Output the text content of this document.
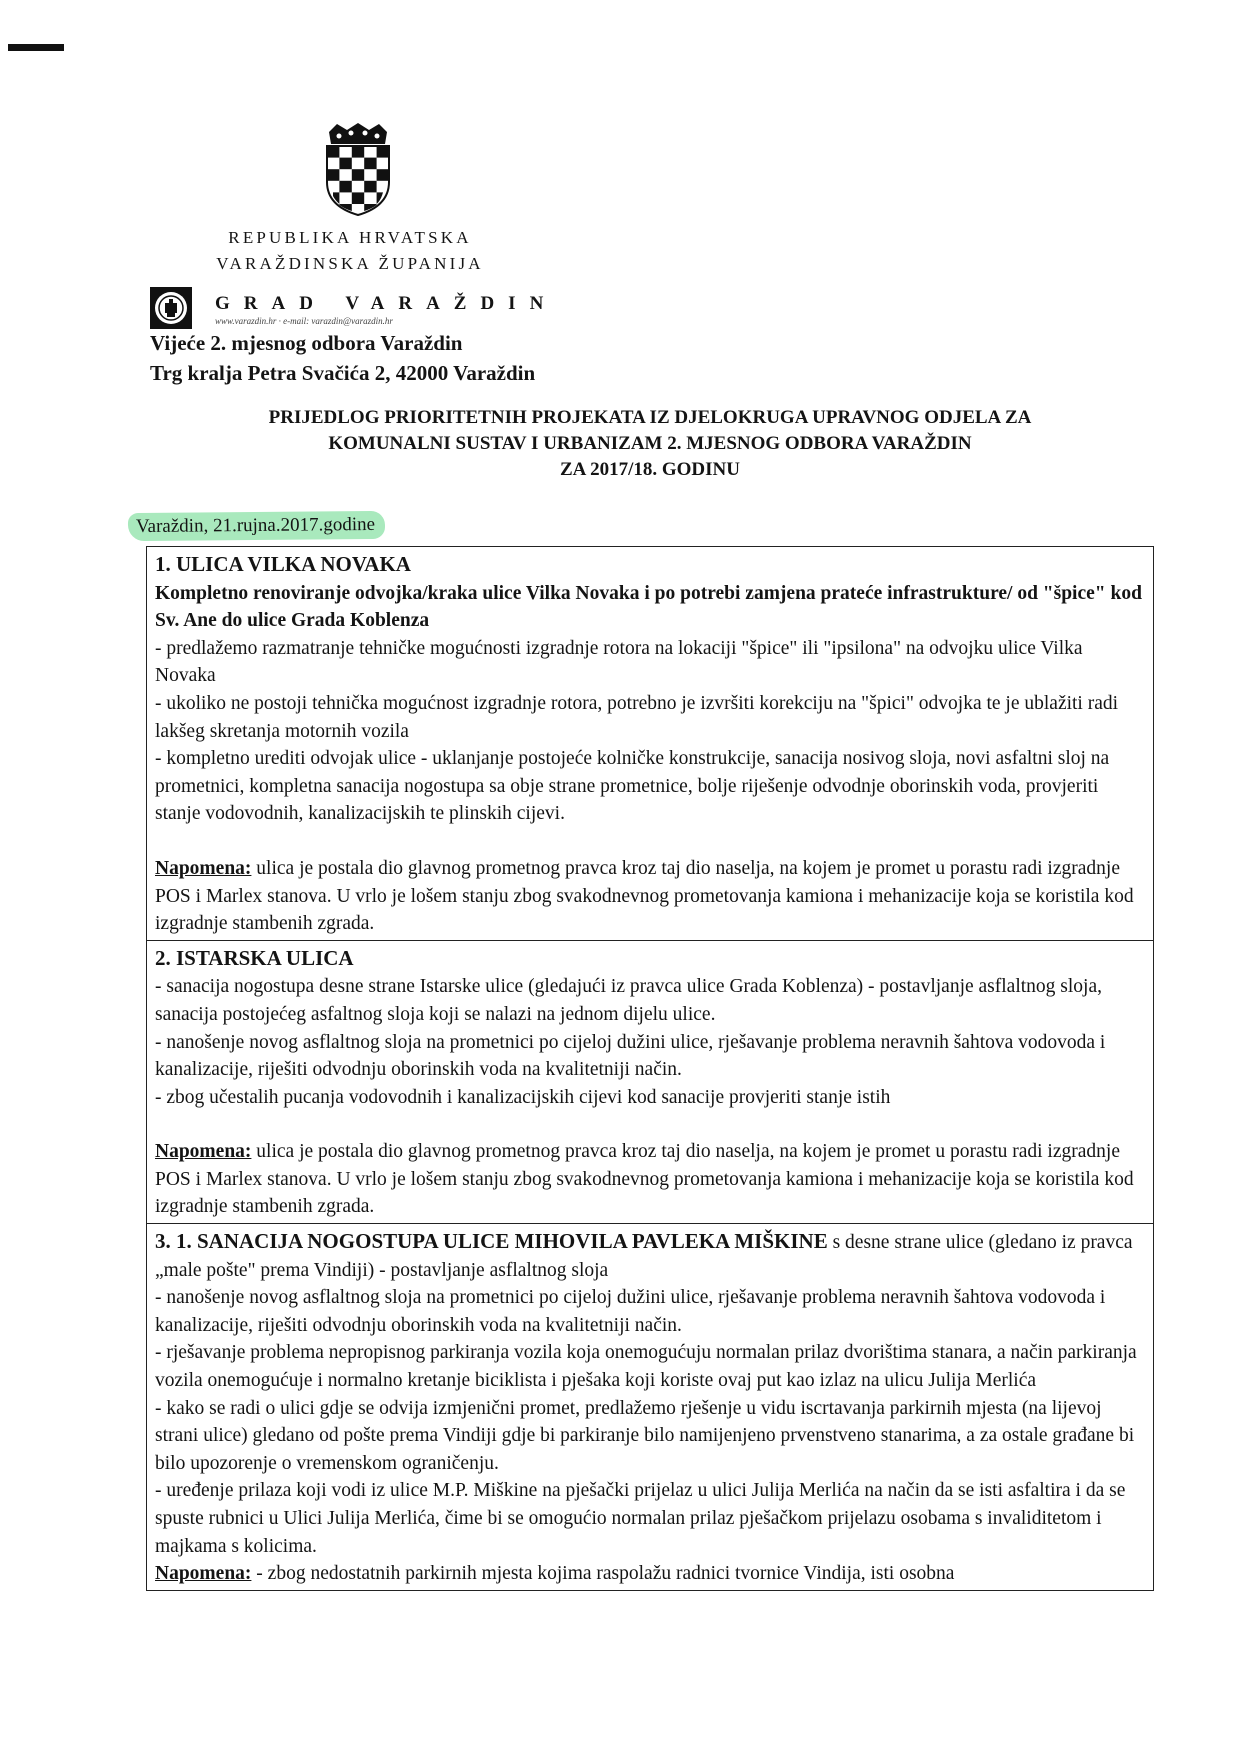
REPUBLIKA HRVATSKA
VARAŽDINSKA ŽUPANIJA
GRAD VARAŽDIN
www.varazdin.hr · e-mail: varazdin@varazdin.hr
Vijeće 2. mjesnog odbora Varaždin
Trg kralja Petra Svačića 2, 42000 Varaždin
PRIJEDLOG PRIORITETNIH PROJEKATA IZ DJELOKRUGA UPRAVNOG ODJELA ZA
KOMUNALNI SUSTAV I URBANIZAM 2. MJESNOG ODBORA VARAŽDIN
ZA 2017/18. GODINU
Varaždin, 21.rujna.2017.godine

1. ULICA VILKA NOVAKA

Kompletno renoviranje odvojka/kraka ulice Vilka Novaka i po potrebi zamjena prateće infrastrukture/ od "špice" kod Sv. Ane do ulice Grada Koblenza

- predlažemo razmatranje tehničke mogućnosti izgradnje rotora na lokaciji "špice" ili "ipsilona" na odvojku ulice Vilka Novaka

- ukoliko ne postoji tehnička mogućnost izgradnje rotora, potrebno je izvršiti korekciju na "špici" odvojka te je ublažiti radi lakšeg skretanja motornih vozila

- kompletno urediti odvojak ulice - uklanjanje postojeće kolničke konstrukcije, sanacija nosivog sloja, novi asfaltni sloj na prometnici, kompletna sanacija nogostupa sa obje strane prometnice, bolje riješenje odvodnje oborinskih voda, provjeriti stanje vodovodnih, kanalizacijskih te plinskih cijevi.

Napomena: ulica je postala dio glavnog prometnog pravca kroz taj dio naselja, na kojem je promet u porastu radi izgradnje POS i Marlex stanova. U vrlo je lošem stanju zbog svakodnevnog prometovanja kamiona i mehanizacije koja se koristila kod izgradnje stambenih zgrada.

2. ISTARSKA ULICA

- sanacija nogostupa desne strane Istarske ulice (gledajući iz pravca ulice Grada Koblenza) - postavljanje asflaltnog sloja, sanacija postojećeg asfaltnog sloja koji se nalazi na jednom dijelu ulice.

- nanošenje novog asflaltnog sloja na prometnici po cijeloj dužini ulice, rješavanje problema neravnih šahtova vodovoda i kanalizacije, riješiti odvodnju oborinskih voda na kvalitetniji način.

- zbog učestalih pucanja vodovodnih i kanalizacijskih cijevi kod sanacije provjeriti stanje istih

Napomena: ulica je postala dio glavnog prometnog pravca kroz taj dio naselja, na kojem je promet u porastu radi izgradnje POS i Marlex stanova. U vrlo je lošem stanju zbog svakodnevnog prometovanja kamiona i mehanizacije koja se koristila kod izgradnje stambenih zgrada.

3. 1. SANACIJA NOGOSTUPA ULICE MIHOVILA PAVLEKA MIŠKINE s desne strane ulice (gledano iz pravca „male pošte" prema Vindiji) - postavljanje asflaltnog sloja

- nanošenje novog asflaltnog sloja na prometnici po cijeloj dužini ulice, rješavanje problema neravnih šahtova vodovoda i kanalizacije, riješiti odvodnju oborinskih voda na kvalitetniji način.

- rješavanje problema nepropisnog parkiranja vozila koja onemogućuju normalan prilaz dvorištima stanara, a način parkiranja vozila onemogućuje i normalno kretanje biciklista i pješaka koji koriste ovaj put kao izlaz na ulicu Julija Merlića

- kako se radi o ulici gdje se odvija izmjenični promet, predlažemo rješenje u vidu iscrtavanja parkirnih mjesta (na lijevoj strani ulice) gledano od pošte prema Vindiji gdje bi parkiranje bilo namijenjeno prvenstveno stanarima, a za ostale građane bi bilo upozorenje o vremenskom ograničenju.

- uređenje prilaza koji vodi iz ulice M.P. Miškine na pješački prijelaz u ulici Julija Merlića na način da se isti asfaltira i da se spuste rubnici u Ulici Julija Merlića, čime bi se omogućio normalan prilaz pješačkom prijelazu osobama s invaliditetom i majkama s kolicima.

Napomena: - zbog nedostatnih parkirnih mjesta kojima raspolažu radnici tvornice Vindija, isti osobna
